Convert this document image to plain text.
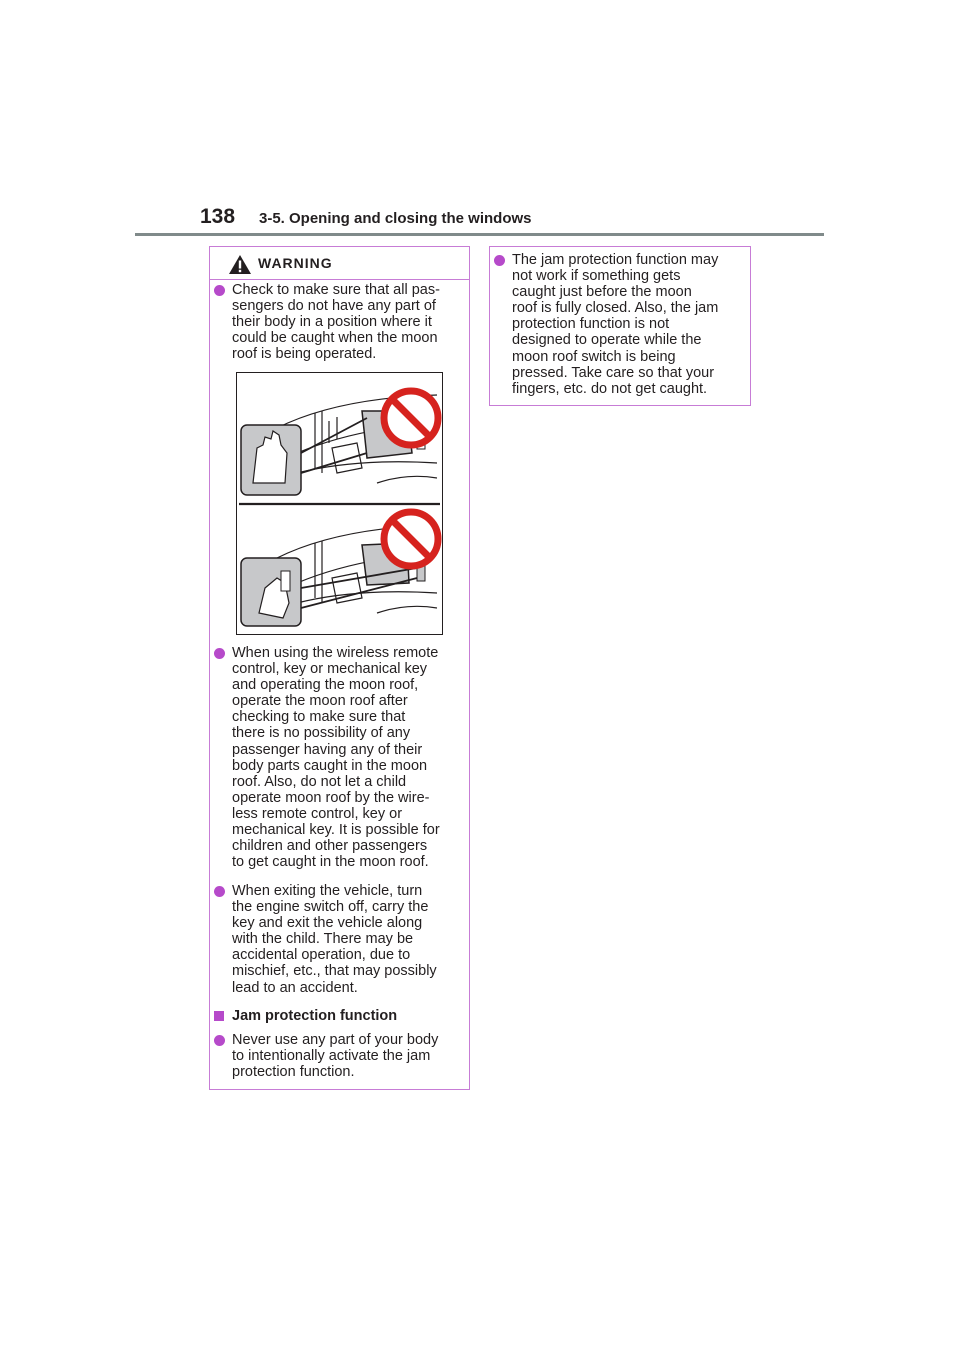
138 3-5. Opening and closing the windows
WARNING
Check to make sure that all pas-
sengers do not have any part of
their body in a position where it
could be caught when the moon
roof is being operated.
When using the wireless remote
control, key or mechanical key
and operating the moon roof,
operate the moon roof after
checking to make sure that
there is no possibility of any
passenger having any of their
body parts caught in the moon
roof. Also, do not let a child
operate moon roof by the wire-
less remote control, key or
mechanical key. It is possible for
children and other passengers
to get caught in the moon roof.
When exiting the vehicle, turn
the engine switch off, carry the
key and exit the vehicle along
with the child. There may be
accidental operation, due to
mischief, etc., that may possibly
lead to an accident.
Jam protection function
Never use any part of your body
to intentionally activate the jam
protection function.
The jam protection function may
not work if something gets
caught just before the moon
roof is fully closed. Also, the jam
protection function is not
designed to operate while the
moon roof switch is being
pressed. Take care so that your
fingers, etc. do not get caught.
